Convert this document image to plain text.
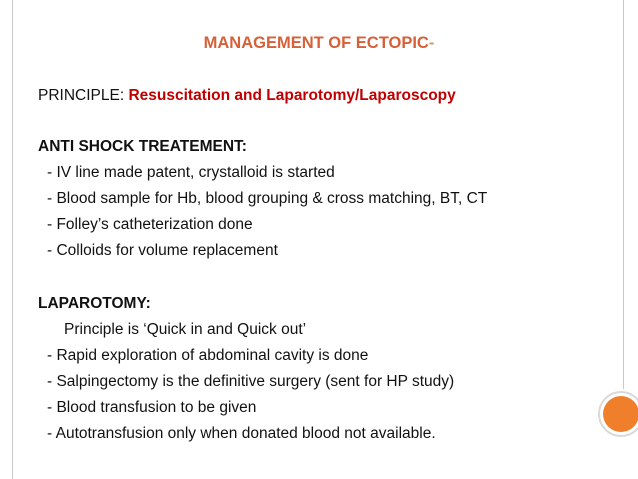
MANAGEMENT OF ECTOPIC-
PRINCIPLE: Resuscitation and Laparotomy/Laparoscopy
ANTI SHOCK TREATEMENT:
- IV line made patent, crystalloid is started
- Blood sample for Hb, blood grouping & cross matching, BT, CT
- Folley’s catheterization done
- Colloids for volume replacement
LAPAROTOMY:
Principle is ‘Quick in and Quick out’
- Rapid exploration of abdominal cavity is done
- Salpingectomy is the definitive surgery (sent for HP study)
- Blood transfusion to be given
- Autotransfusion only when donated blood not available.
